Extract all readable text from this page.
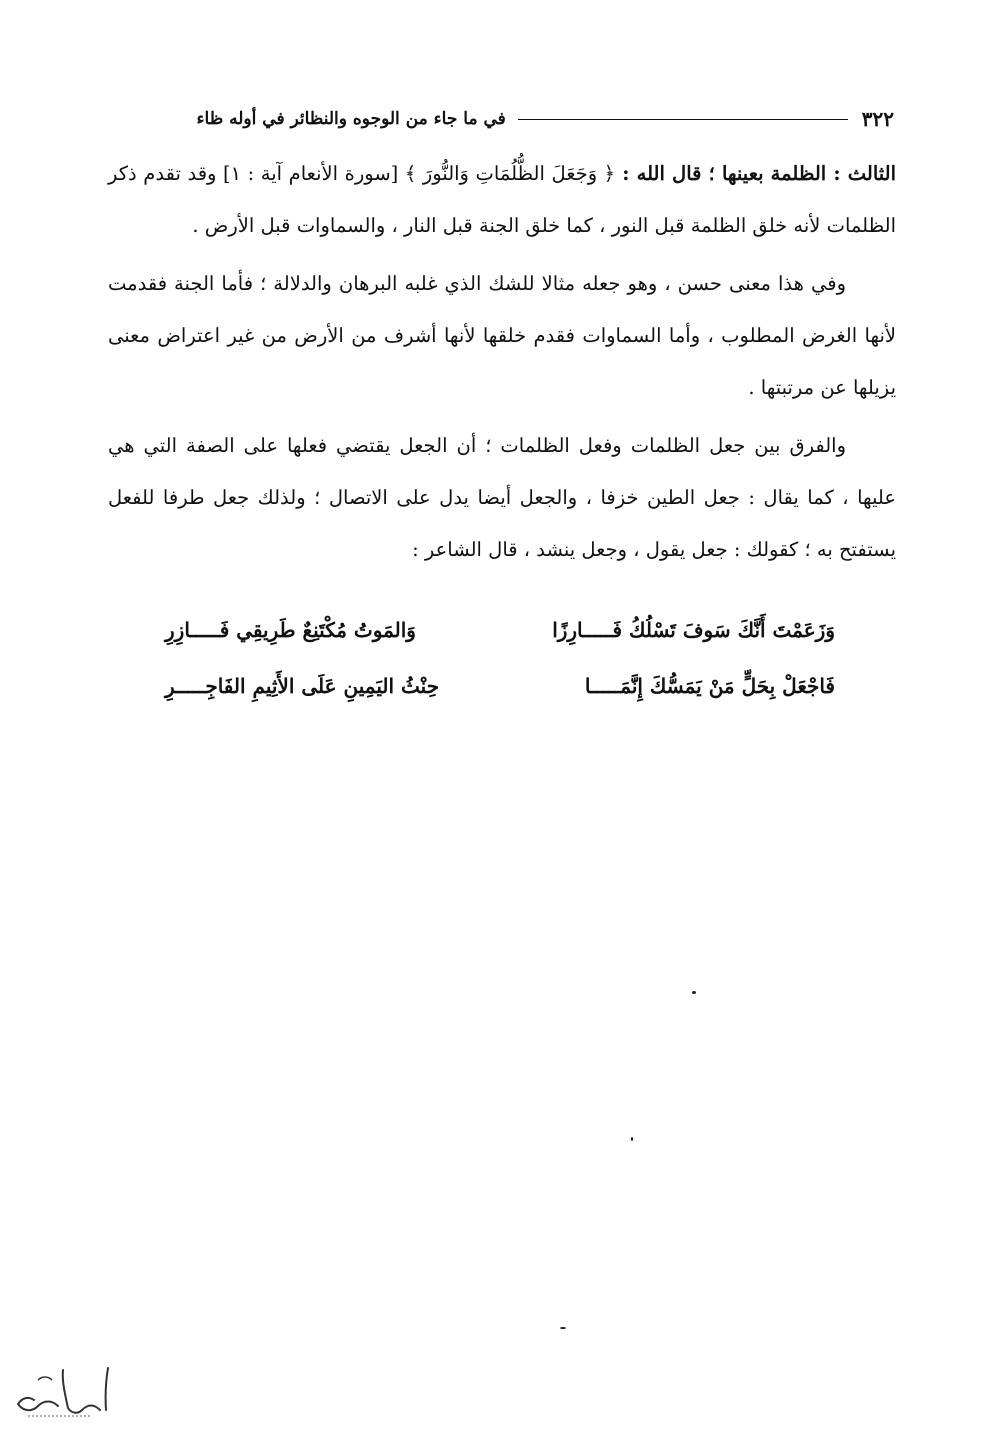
٣٢٢
في ما جاء من الوجوه والنظائر في أوله ظاء

الثالث : الظلمة بعينها ؛ قال الله : ﴿ وَجَعَلَ الظُّلُمَاتِ وَالنُّورَ ﴾ [سورة الأنعام آية : ١] وقد تقدم ذكر الظلمات لأنه خلق الظلمة قبل النور ، كما خلق الجنة قبل النار ، والسماوات قبل الأرض .

وفي هذا معنى حسن ، وهو جعله مثالا للشك الذي غلبه البرهان والدلالة ؛ فأما الجنة فقدمت لأنها الغرض المطلوب ، وأما السماوات فقدم خلقها لأنها أشرف من الأرض من غير اعتراض معنى يزيلها عن مرتبتها .

والفرق بين جعل الظلمات وفعل الظلمات ؛ أن الجعل يقتضي فعلها على الصفة التي هي عليها ، كما يقال : جعل الطين خزفا ، والجعل أيضا يدل على الاتصال ؛ ولذلك جعل طرفا للفعل يستفتح به ؛ كقولك : جعل يقول ، وجعل ينشد ، قال الشاعر :

وَزَعَمْتَ أَنَّكَ سَوفَ تَسْلُكُ فَـــــارِزًا
وَالمَوتُ مُكْتَنِعٌ طَرِيقِي فَـــــازِرِ
فَاجْعَلْ بِحَلٍّ مَنْ يَمَسُّكَ إِنَّمَـــــا
حِنْثُ اليَمِينِ عَلَى الأَثِيمِ الفَاجِـــــرِ
